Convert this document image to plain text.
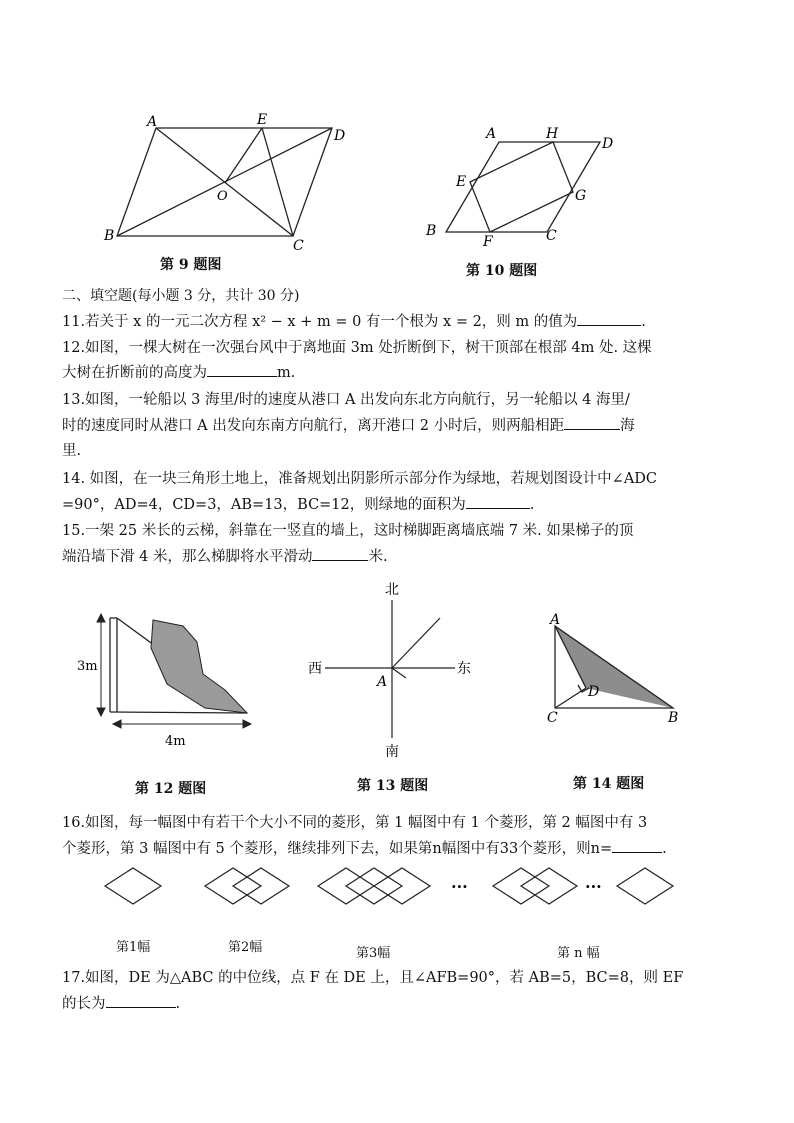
A	E
D
O
B
C
第 9 题图
A	H
D
E
G
B
F	C
第 10 题图
二、填空题(每小题 3 分，共计 30 分)
11.若关于 x 的一元二次方程 x² − x + m = 0 有一个根为 x = 2，则 m 的值为	.
12.如图，一棵大树在一次强台风中于离地面 3m 处折断倒下，树干顶部在根部 4m 处. 这棵
大树在折断前的高度为	m.
13.如图，一轮船以 3 海里/时的速度从港口 A 出发向东北方向航行，另一轮船以 4 海里/
时的速度同时从港口 A 出发向东南方向航行，离开港口 2 小时后，则两船相距	海
里.
14. 如图，在一块三角形土地上，准备规划出阴影所示部分作为绿地，若规划图设计中∠ADC
=90°，AD=4，CD=3，AB=13，BC=12，则绿地的面积为	.
15.一架 25 米长的云梯，斜靠在一竖直的墙上，这时梯脚距离墙底端 7 米. 如果梯子的顶
端沿墙下滑 4 米，那么梯脚将水平滑动	米.
3m
4m
第 12 题图
北
南
西	东
A
第 13 题图
A
D
C	B
第 14 题图
16.如图，每一幅图中有若干个大小不同的菱形，第 1 幅图中有 1 个菱形，第 2 幅图中有 3
个菱形，第 3 幅图中有 5 个菱形，继续排列下去，如果第n幅图中有33个菱形，则n=	.
···	···
第1幅	第2幅	第3幅	第 n 幅
17.如图，DE 为△ABC 的中位线，点 F 在 DE 上，且∠AFB=90°，若 AB=5，BC=8，则 EF
的长为	.
